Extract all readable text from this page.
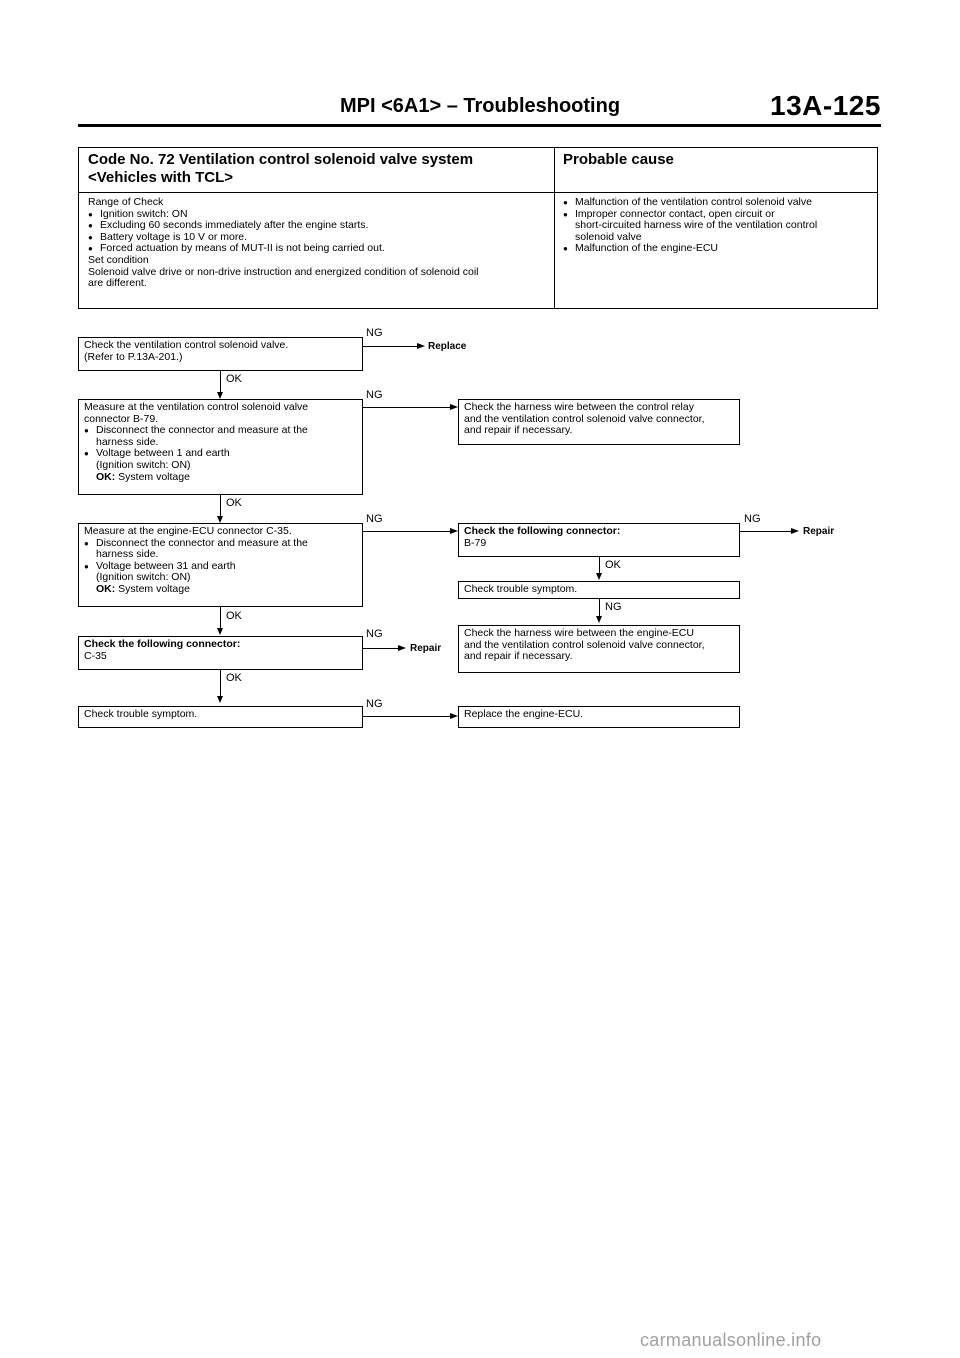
MPI <6A1> – Troubleshooting	13A-125
Code No. 72 Ventilation control solenoid valve system
<Vehicles with TCL>
Probable cause
Range of Check
● Ignition switch: ON
● Excluding 60 seconds immediately after the engine starts.
● Battery voltage is 10 V or more.
● Forced actuation by means of MUT-II is not being carried out.
Set condition
Solenoid valve drive or non-drive instruction and energized condition of solenoid coil
are different.
● Malfunction of the ventilation control solenoid valve
● Improper connector contact, open circuit or
short-circuited harness wire of the ventilation control
solenoid valve
● Malfunction of the engine-ECU
Check the ventilation control solenoid valve.
(Refer to P.13A-201.)
NG
Replace
OK
Measure at the ventilation control solenoid valve
connector B-79.
● Disconnect the connector and measure at the
harness side.
● Voltage between 1 and earth
(Ignition switch: ON)
OK: System voltage
NG
Check the harness wire between the control relay
and the ventilation control solenoid valve connector,
and repair if necessary.
OK
Measure at the engine-ECU connector C-35.
● Disconnect the connector and measure at the
harness side.
● Voltage between 31 and earth
(Ignition switch: ON)
OK: System voltage
NG
Check the following connector:
B-79
NG
Repair
OK
Check trouble symptom.
NG
OK
Check the following connector:
C-35
NG
Repair
Check the harness wire between the engine-ECU
and the ventilation control solenoid valve connector,
and repair if necessary.
OK
Check trouble symptom.
NG
Replace the engine-ECU.
carmanualsonline.info
